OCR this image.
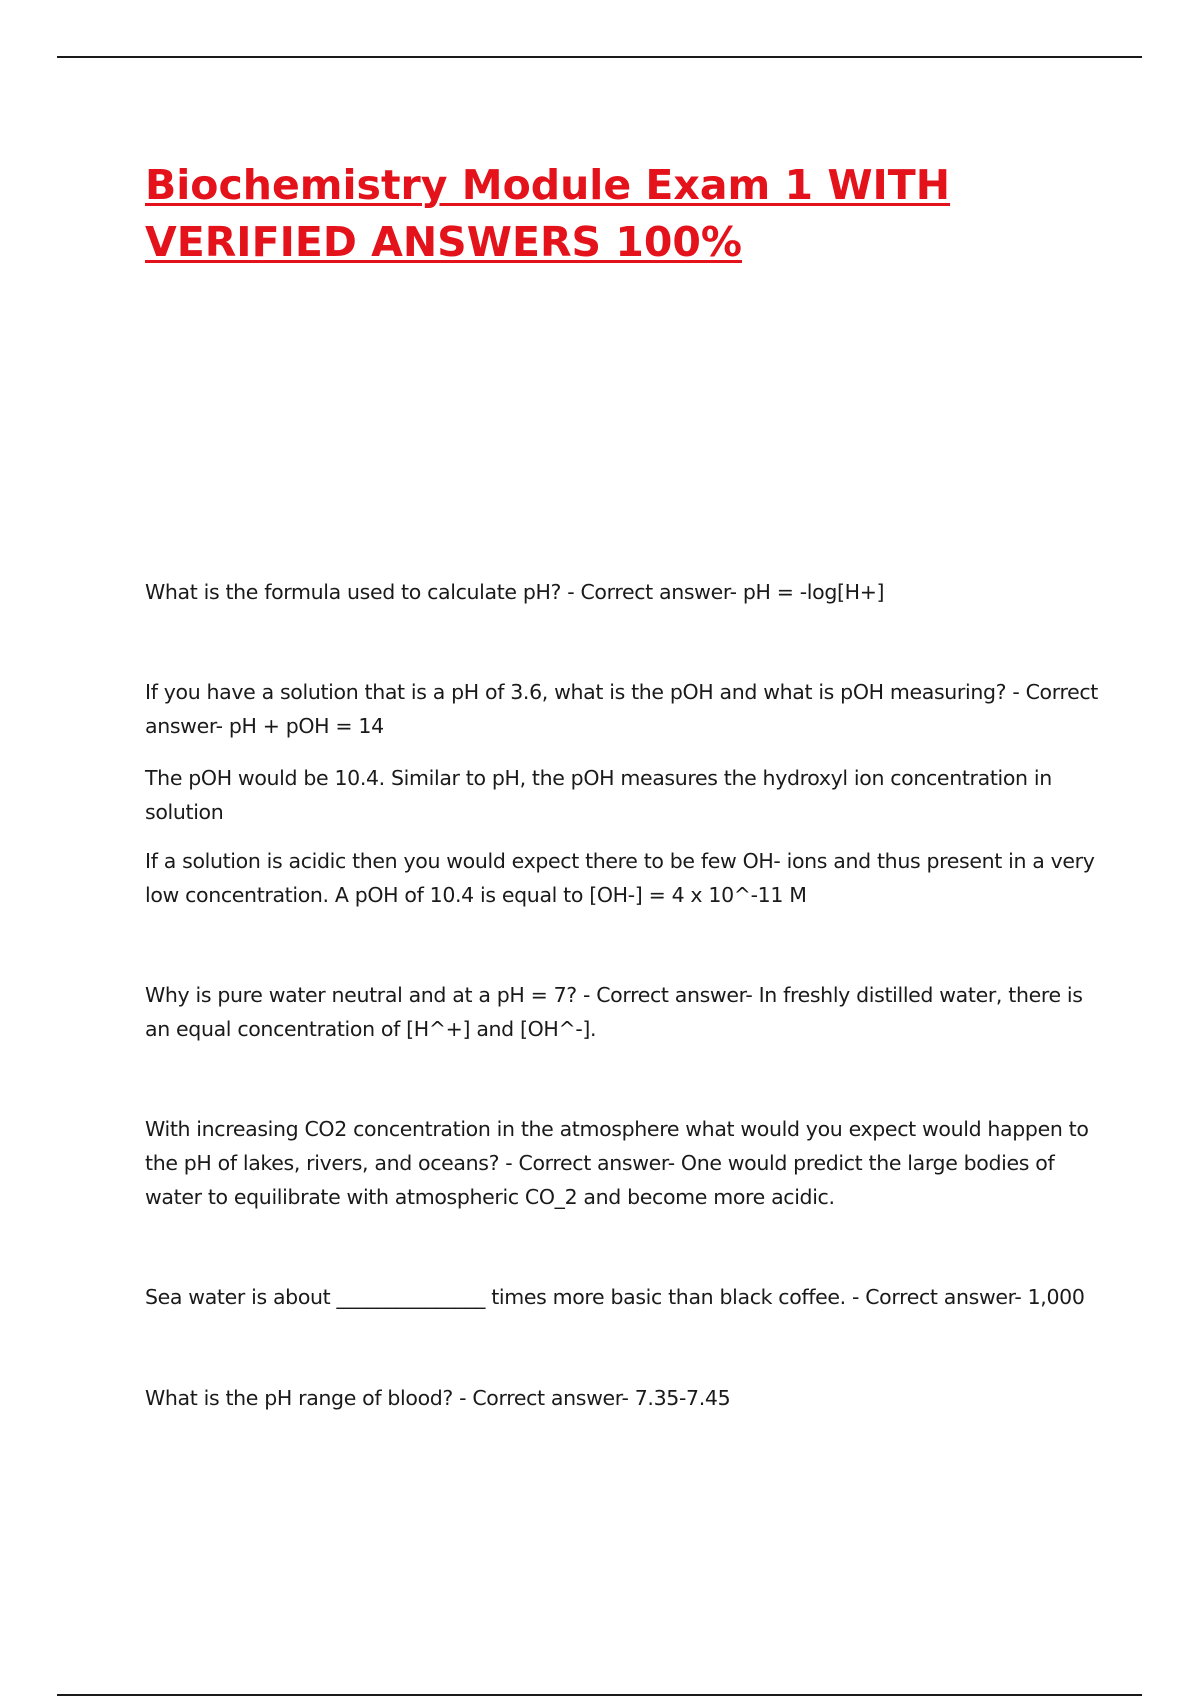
Biochemistry Module Exam 1 WITH
VERIFIED ANSWERS 100%

What is the formula used to calculate pH? - Correct answer- pH = -log[H+]

If you have a solution that is a pH of 3.6, what is the pOH and what is pOH measuring? - Correct
answer- pH + pOH = 14

The pOH would be 10.4. Similar to pH, the pOH measures the hydroxyl ion concentration in
solution

If a solution is acidic then you would expect there to be few OH- ions and thus present in a very
low concentration. A pOH of 10.4 is equal to [OH-] = 4 x 10^-11 M

Why is pure water neutral and at a pH = 7? - Correct answer- In freshly distilled water, there is
an equal concentration of [H^+] and [OH^-].

With increasing CO2 concentration in the atmosphere what would you expect would happen to
the pH of lakes, rivers, and oceans? - Correct answer- One would predict the large bodies of
water to equilibrate with atmospheric CO_2 and become more acidic.

Sea water is about _______________ times more basic than black coffee. - Correct answer- 1,000

What is the pH range of blood? - Correct answer- 7.35-7.45
